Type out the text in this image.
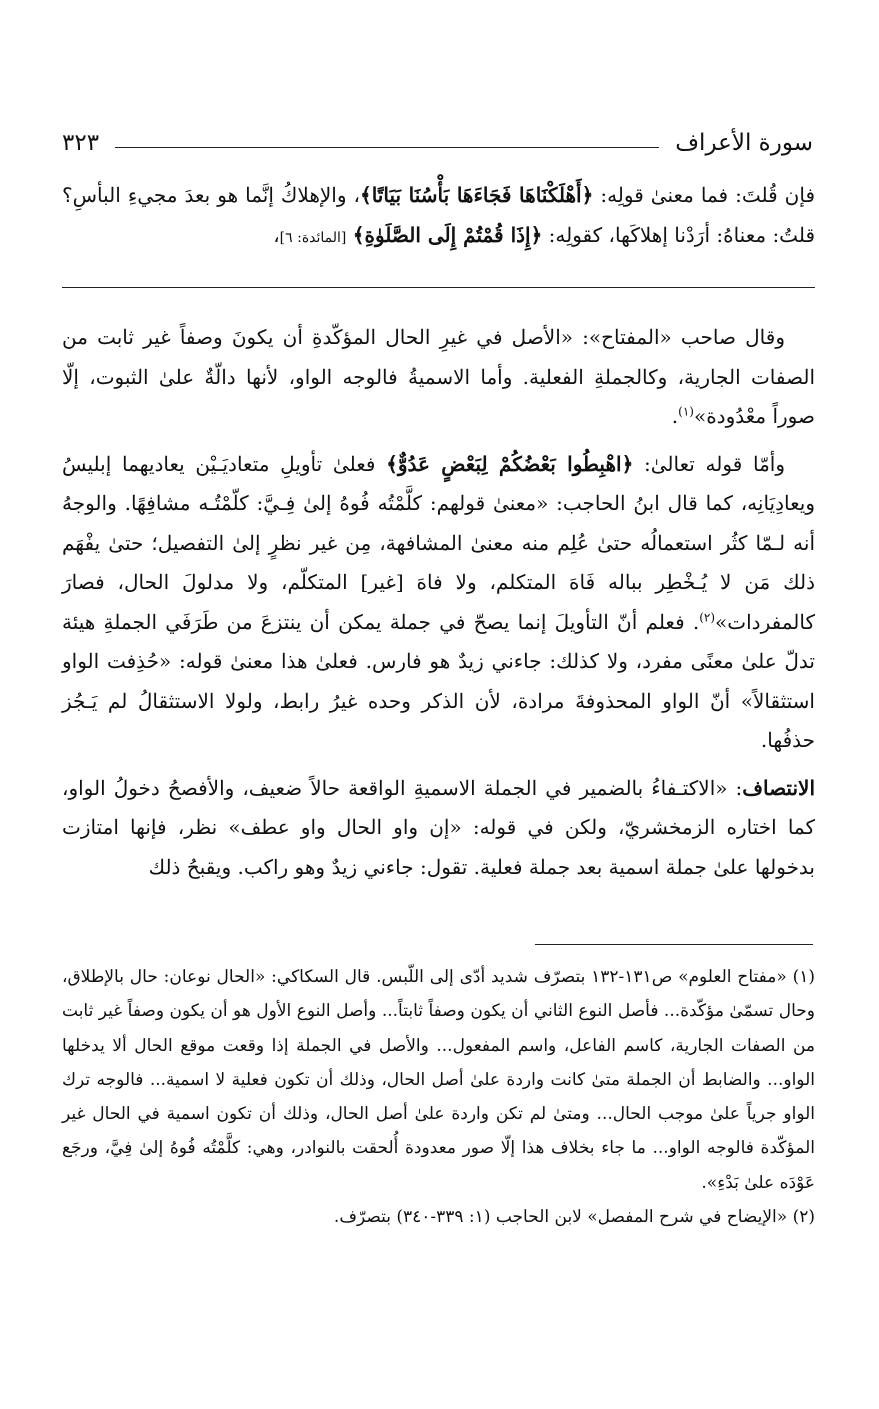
سورة الأعراف
٣٢٣

فإن قُلتَ: فما معنىٰ قولِه: ﴿أَهْلَكْنَاهَا فَجَاءَهَا بَأْسُنَا بَيَاتًا﴾، والإهلاكُ إنَّما هو بعدَ مجيءِ البأسِ؟ قلتُ: معناهُ: أرَدْنا إهلاكَها، كقولِه: ﴿إِذَا قُمْتُمْ إِلَى الصَّلَوٰةِ﴾ [المائدة: ٦]،

وقال صاحب «المفتاح»: «الأصل في غيرِ الحال المؤكّدةِ أن يكونَ وصفاً غير ثابت من الصفات الجارية، وكالجملةِ الفعلية. وأما الاسميةُ فالوجه الواو، لأنها دالّةٌ علىٰ الثبوت، إلّا صوراً معْدُودة»$^{(١)}$.

وأمّا قوله تعالىٰ: ﴿اهْبِطُوا بَعْضُكُمْ لِبَعْضٍ عَدُوٌّ﴾ فعلىٰ تأويلِ متعاديَـيْن يعاديهما إبليسُ ويعادِيَانِه، كما قال ابنُ الحاجب: «معنىٰ قولهم: كلَّمْتُه فُوهُ إلىٰ فِـيَّ: كلّمْتُـه مشافِهًا. والوجهُ أنه لـمّا كثُر استعمالُه حتىٰ عُلِم منه معنىٰ المشافهة، مِن غير نظرٍ إلىٰ التفصيل؛ حتىٰ يفْهَم ذلك مَن لا يُـخْطِر بباله فَاهَ المتكلم، ولا فاهَ [غير] المتكلّم، ولا مدلولَ الحال، فصارَ كالمفردات»$^{(٢)}$. فعلم أنّ التأويلَ إنما يصحّ في جملة يمكن أن ينتزعَ من طَرَفَي الجملةِ هيئة تدلّ علىٰ معنًى مفرد، ولا كذلك: جاءني زيدٌ هو فارس. فعلىٰ هذا معنىٰ قوله: «حُذِفت الواو استثقالاً» أنّ الواو المحذوفةَ مرادة، لأن الذكر وحده غيرُ رابط، ولولا الاستثقالُ لم يَـجُز حذفُها.

الانتصاف: «الاكتـفاءُ بالضمير في الجملة الاسميةِ الواقعة حالاً ضعيف، والأفصحُ دخولُ الواو، كما اختاره الزمخشريّ، ولكن في قوله: «إن واو الحال واو عطف» نظر، فإنها امتازت بدخولها علىٰ جملة اسمية بعد جملة فعلية. تقول: جاءني زيدٌ وهو راكب. ويقبحُ ذلك

(١) «مفتاح العلوم» ص١٣١-١٣٢ بتصرّف شديد أدّى إلى اللّبس. قال السكاكي: «الحال نوعان: حال بالإطلاق، وحال تسمّىٰ مؤكّدة... فأصل النوع الثاني أن يكون وصفاً ثابتاً... وأصل النوع الأول هو أن يكون وصفاً غير ثابت من الصفات الجارية، كاسم الفاعل، واسم المفعول... والأصل في الجملة إذا وقعت موقع الحال ألا يدخلها الواو... والضابط أن الجملة متىٰ كانت واردة علىٰ أصل الحال، وذلك أن تكون فعلية لا اسمية... فالوجه ترك الواو جرياً علىٰ موجب الحال... ومتىٰ لم تكن واردة علىٰ أصل الحال، وذلك أن تكون اسمية في الحال غير المؤكّدة فالوجه الواو... ما جاء بخلاف هذا إلّا صور معدودة أُلحقت بالنوادر، وهي: كلَّمْتُه فُوهُ إلىٰ فِيَّ، ورجَع عَوْدَه علىٰ بَدْءِ».

(٢) «الإيضاح في شرح المفصل» لابن الحاجب (١: ٣٣٩-٣٤٠) بتصرّف.
